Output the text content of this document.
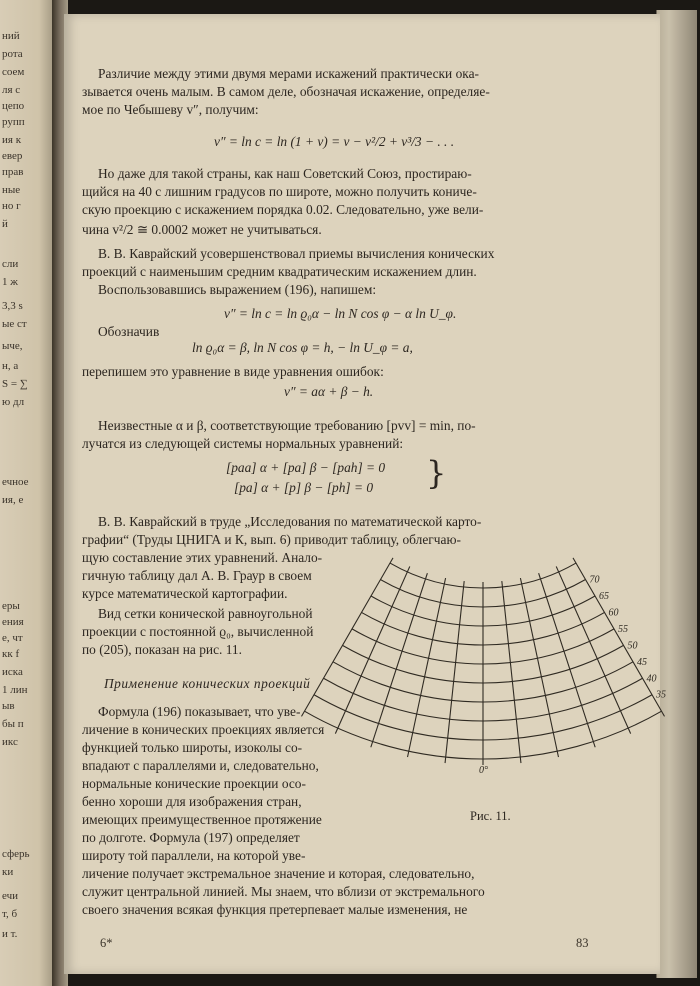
ний
рота
соем
ля с
цепо
рупп
ия к
евер
прав
ные
но г
й
сли
1 ж
3,3 s
ые ст
ыче,
н, а
S = ∑
ю дл
ечное
ия, е
еры
ения
е, чт
кк f
иска
1 лин
ыв
бы п
икс
сферь
ки
ечи
т, б
и т.
Различие между этими двумя мерами искажений практически ока-
зывается очень малым. В самом деле, обозначая искажение, определяе-
мое по Чебышеву v″, получим:
v″ = ln c = ln (1 + v) = v − v²/2 + v³/3 − . . .
Но даже для такой страны, как наш Советский Союз, простираю-
щийся на 40 с лишним градусов по широте, можно получить кониче-
скую проекцию с искажением порядка 0.02. Следовательно, уже вели-
чина v²/2 ≅ 0.0002 может не учитываться.
В. В. Каврайский усовершенствовал приемы вычисления конических
проекций с наименьшим средним квадратическим искажением длин.
Воспользовавшись выражением (196), напишем:
v″ = ln c = ln ϱ₀α − ln N cos φ − α ln U_φ.
Обозначив
ln ϱ₀α = β, ln N cos φ = h, − ln U_φ = a,
перепишем это уравнение в виде уравнения ошибок:
v″ = aα + β − h.
Неизвестные α и β, соответствующие требованию [pvv] = min, по-
лучатся из следующей системы нормальных уравнений:
[paa] α + [pa] β − [pah] = 0
[pa] α + [p] β − [ph] = 0 }
В. В. Каврайский в труде „Исследования по математической карто-
графии“ (Труды ЦНИГА и К, вып. 6) приводит таблицу, облегчаю-
щую составление этих уравнений. Анало-
гичную таблицу дал А. В. Граур в своем
курсе математической картографии.
Вид сетки конической равноугольной
проекции с постоянной ϱ₀, вычисленной
по (205), показан на рис. 11.
Применение конических проекций
Формула (196) показывает, что уве-
личение в конических проекциях является
функцией только широты, изоколы со-
впадают с параллелями и, следовательно,
нормальные конические проекции осо-
бенно хороши для изображения стран,
имеющих преимущественное протяжение
по долготе. Формула (197) определяет
широту той параллели, на которой уве-
личение получает экстремальное значение и которая, следовательно,
служит центральной линией. Мы знаем, что вблизи от экстремального
своего значения всякая функция претерпевает малые изменения, не
6*	83
70
65
60
55
50
45
40
35
0°
Рис. 11.
